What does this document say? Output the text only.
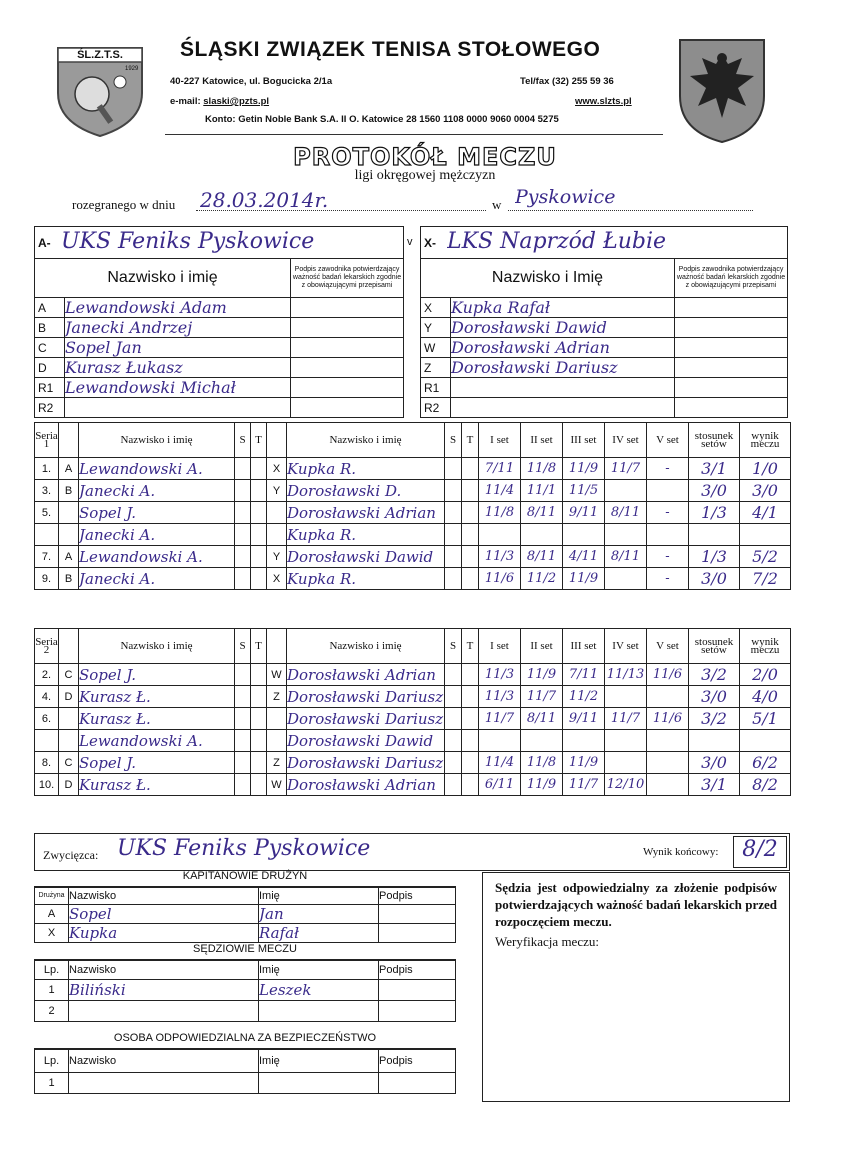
ŚL.Z.T.S.
1929
ŚLĄSKI ZWIĄZEK TENISA STOŁOWEGO
40-227 Katowice, ul. Bogucicka 2/1a	Tel/fax (32) 255 59 36
e-mail: slaski@pzts.pl	www.slzts.pl
Konto: Getin Noble Bank S.A. II O. Katowice 28 1560 1108 0000 9060 0004 5275
PROTOKÓŁ MECZU
ligi okręgowej mężczyzn
rozegranego w dniu 28.03.2014r.	w Pyskowice
A- UKS Feniks Pyskowice	v X- LKS Naprzód Łubie
Nazwisko i imię		Podpis zawodnika potwierdzający ważność badań lekarskich zgodnie z obowiązującymi przepisami
A	Lewandowski Adam	
B	Janecki Andrzej	
C	Sopel Jan	
D	Kurasz Łukasz	
R1	Lewandowski Michał	
R2		
Nazwisko i Imię		Podpis zawodnika potwierdzający ważność badań lekarskich zgodnie z obowiązującymi przepisami
X	Kupka Rafał	
Y	Dorosławski Dawid	
W	Dorosławski Adrian	
Z	Dorosławski Dariusz	
R1		
R2		
Seria 1		Nazwisko i imię	S	T		Nazwisko i imię	S	T	I set	II set	III set	IV set	V set	stosunek setów	wynik meczu
1.	A	Lewandowski A.			X	Kupka R.			7/11	11/8	11/9	11/7	-	3/1	1/0
3.	B	Janecki A.			Y	Dorosławski D.			11/4	11/1	11/5			3/0	3/0
5.		Sopel J.				Dorosławski Adrian			11/8	8/11	9/11	8/11	-	1/3	4/1
		Janecki A.				Kupka R.									
7.	A	Lewandowski A.			Y	Dorosławski Dawid			11/3	8/11	4/11	8/11	-	1/3	5/2
9.	B	Janecki A.			X	Kupka R.			11/6	11/2	11/9		-	3/0	7/2
Seria 2		Nazwisko i imię	S	T		Nazwisko i imię	S	T	I set	II set	III set	IV set	V set	stosunek setów	wynik meczu
2.	C	Sopel J.			W	Dorosławski Adrian			11/3	11/9	7/11	11/13	11/6	3/2	2/0
4.	D	Kurasz Ł.			Z	Dorosławski Dariusz			11/3	11/7	11/2			3/0	4/0
6.		Kurasz Ł.				Dorosławski Dariusz			11/7	8/11	9/11	11/7	11/6	3/2	5/1
		Lewandowski A.				Dorosławski Dawid									
8.	C	Sopel J.			Z	Dorosławski Dariusz			11/4	11/8	11/9			3/0	6/2
10.	D	Kurasz Ł.			W	Dorosławski Adrian			6/11	11/9	11/7	12/10		3/1	8/2
Zwycięzca: UKS Feniks Pyskowice	Wynik końcowy:	8/2
KAPITANOWIE DRUŻYN
Drużyna	Nazwisko	Imię	Podpis
A	Sopel	Jan	
X	Kupka	Rafał	
SĘDZIOWIE MECZU
Lp.	Nazwisko	Imię	Podpis
1	Biliński	Leszek	
2			
OSOBA ODPOWIEDZIALNA ZA BEZPIECZEŃSTWO
Lp.	Nazwisko	Imię	Podpis
1			
Sędzia jest odpowiedzialny za złożenie podpisów potwierdzających ważność badań lekarskich przed rozpoczęciem meczu.
Weryfikacja meczu:
